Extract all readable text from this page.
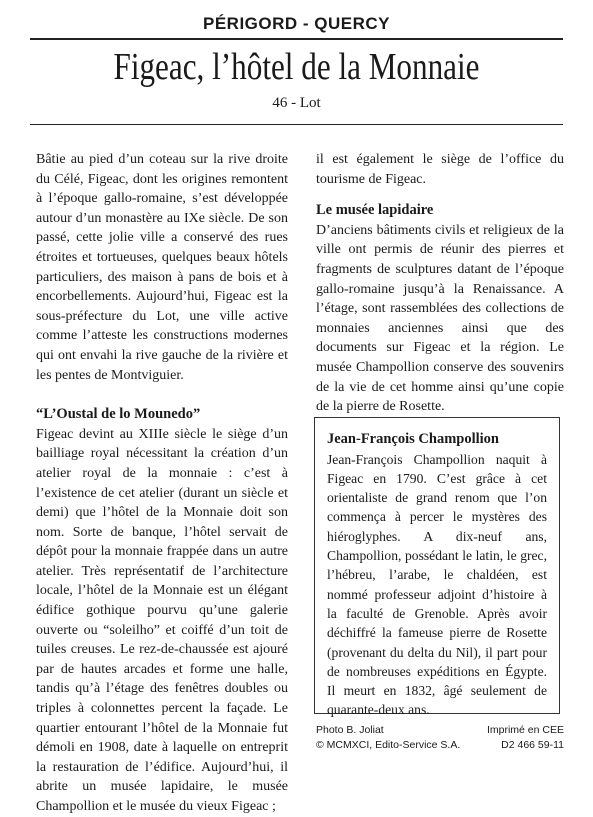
PÉRIGORD - QUERCY
Figeac, l’hôtel de la Monnaie
46 - Lot

Bâtie au pied d’un coteau sur la rive droite du Célé, Figeac, dont les origines remontent à l’époque gallo-romaine, s’est développée autour d’un monastère au IXe siècle. De son passé, cette jolie ville a conservé des rues étroites et tortueuses, quelques beaux hôtels particuliers, des maison à pans de bois et à encorbellements. Aujourd’hui, Figeac est la sous-préfecture du Lot, une ville active comme l’atteste les constructions modernes qui ont envahi la rive gauche de la rivière et les pentes de Montviguier.

“L’Oustal de lo Mounedo”

Figeac devint au XIIIe siècle le siège d’un bailliage royal nécessitant la création d’un atelier royal de la monnaie : c’est à l’existence de cet atelier (durant un siècle et demi) que l’hôtel de la Monnaie doit son nom. Sorte de banque, l’hôtel servait de dépôt pour la monnaie frappée dans un autre atelier. Très représentatif de l’architecture locale, l’hôtel de la Monnaie est un élégant édifice gothique pourvu qu’une galerie ouverte ou “soleilho” et coiffé d’un toit de tuiles creuses. Le rez-de-chaussée est ajouré par de hautes arcades et forme une halle, tandis qu’à l’étage des fenêtres doubles ou triples à colonnettes percent la façade. Le quartier entourant l’hôtel de la Monnaie fut démoli en 1908, date à laquelle on entreprit la restauration de l’édifice. Aujourd’hui, il abrite un musée lapidaire, le musée Champollion et le musée du vieux Figeac ;

il est également le siège de l’office du tourisme de Figeac.

Le musée lapidaire

D’anciens bâtiments civils et religieux de la ville ont permis de réunir des pierres et fragments de sculptures datant de l’époque gallo-romaine jusqu’à la Renaissance. A l’étage, sont rassemblées des collections de monnaies anciennes ainsi que des documents sur Figeac et la région. Le musée Champollion conserve des souvenirs de la vie de cet homme ainsi qu’une copie de la pierre de Rosette.

Jean-François Champollion

Jean-François Champollion naquit à Figeac en 1790. C’est grâce à cet orientaliste de grand renom que l’on commença à percer le mystères des hiéroglyphes. A dix-neuf ans, Champollion, possédant le latin, le grec, l’hébreu, l’arabe, le chaldéen, est nommé professeur adjoint d’histoire à la faculté de Grenoble. Après avoir déchiffré la fameuse pierre de Rosette (provenant du delta du Nil), il part pour de nombreuses expéditions en Égypte. Il meurt en 1832, âgé seulement de quarante-deux ans.

Photo B. Joliat
© MCMXCI, Edito-Service S.A.
Imprimé en CEE
D2 466 59-11
